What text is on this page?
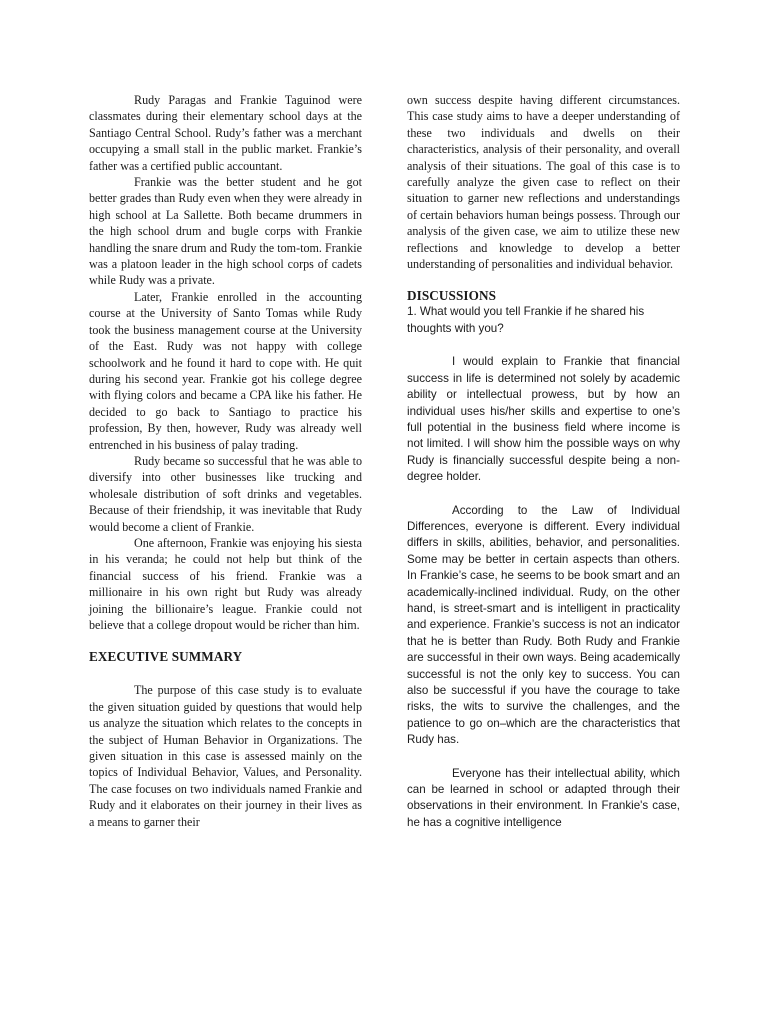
Rudy Paragas and Frankie Taguinod were classmates during their elementary school days at the Santiago Central School. Rudy’s father was a merchant occupying a small stall in the public market. Frankie’s father was a certified public accountant.

Frankie was the better student and he got better grades than Rudy even when they were already in high school at La Sallette. Both became drummers in the high school drum and bugle corps with Frankie handling the snare drum and Rudy the tom-tom. Frankie was a platoon leader in the high school corps of cadets while Rudy was a private.

Later, Frankie enrolled in the accounting course at the University of Santo Tomas while Rudy took the business management course at the University of the East. Rudy was not happy with college schoolwork and he found it hard to cope with. He quit during his second year. Frankie got his college degree with flying colors and became a CPA like his father. He decided to go back to Santiago to practice his profession, By then, however, Rudy was already well entrenched in his business of palay trading.

Rudy became so successful that he was able to diversify into other businesses like trucking and wholesale distribution of soft drinks and vegetables. Because of their friendship, it was inevitable that Rudy would become a client of Frankie.

One afternoon, Frankie was enjoying his siesta in his veranda; he could not help but think of the financial success of his friend. Frankie was a millionaire in his own right but Rudy was already joining the billionaire’s league. Frankie could not believe that a college dropout would be richer than him.

EXECUTIVE SUMMARY

The purpose of this case study is to evaluate the given situation guided by questions that would help us analyze the situation which relates to the concepts in the subject of Human Behavior in Organizations. The given situation in this case is assessed mainly on the topics of Individual Behavior, Values, and Personality. The case focuses on two individuals named Frankie and Rudy and it elaborates on their journey in their lives as a means to garner their

own success despite having different circumstances. This case study aims to have a deeper understanding of these two individuals and dwells on their characteristics, analysis of their personality, and overall analysis of their situations. The goal of this case is to carefully analyze the given case to reflect on their situation to garner new reflections and understandings of certain behaviors human beings possess. Through our analysis of the given case, we aim to utilize these new reflections and knowledge to develop a better understanding of personalities and individual behavior.

DISCUSSIONS

1. What would you tell Frankie if he shared his thoughts with you?

I would explain to Frankie that financial success in life is determined not solely by academic ability or intellectual prowess, but by how an individual uses his/her skills and expertise to one’s full potential in the business field where income is not limited. I will show him the possible ways on why Rudy is financially successful despite being a non-degree holder.

According to the Law of Individual Differences, everyone is different. Every individual differs in skills, abilities, behavior, and personalities. Some may be better in certain aspects than others. In Frankie’s case, he seems to be book smart and an academically-inclined individual. Rudy, on the other hand, is street-smart and is intelligent in practicality and experience. Frankie’s success is not an indicator that he is better than Rudy. Both Rudy and Frankie are successful in their own ways. Being academically successful is not the only key to success. You can also be successful if you have the courage to take risks, the wits to survive the challenges, and the patience to go on–which are the characteristics that Rudy has.

Everyone has their intellectual ability, which can be learned in school or adapted through their observations in their environment. In Frankie's case, he has a cognitive intelligence
